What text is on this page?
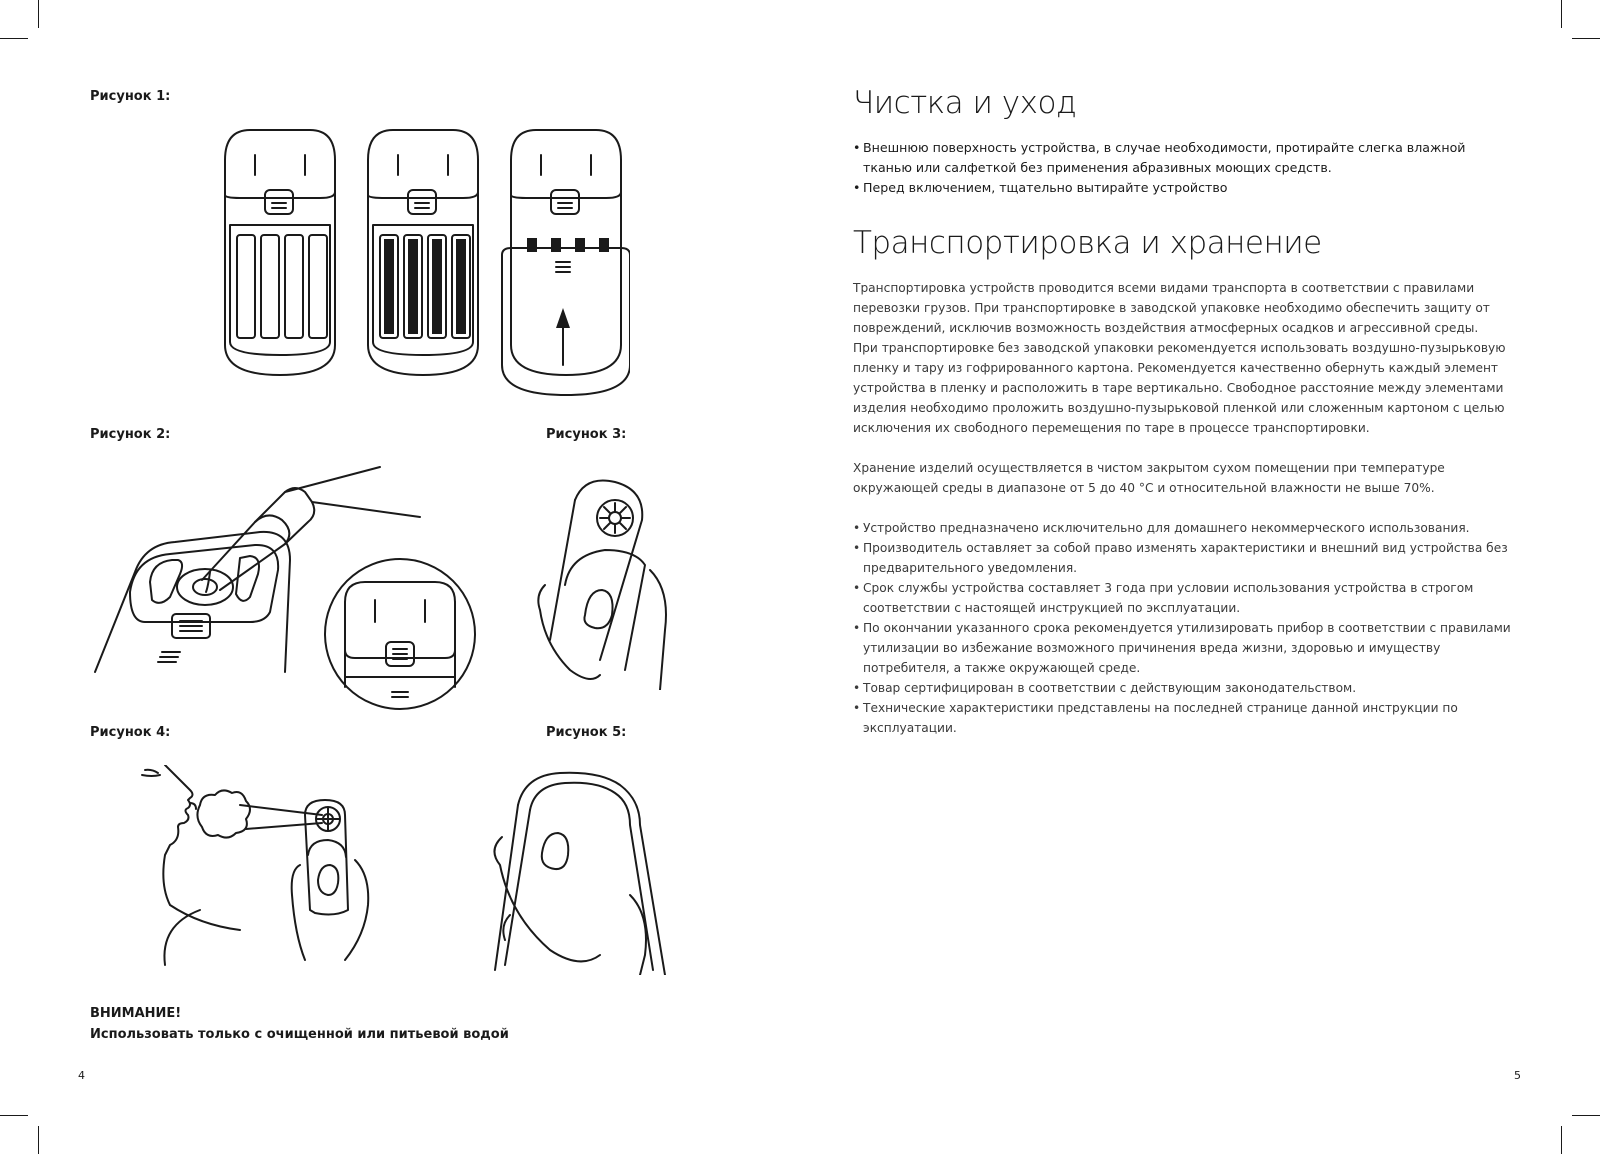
Рисунок 1:
Рисунок 2:	Рисунок 3:
Рисунок 4:	Рисунок 5:
ВНИМАНИЕ!
Использовать только с очищенной или питьевой водой
4
Чистка и уход
• Внешнюю поверхность устройства, в случае необходимости, протирайте слегка влажной тканью или салфеткой без применения абразивных моющих средств.
• Перед включением, тщательно вытирайте устройство
Транспортировка и хранение

Транспортировка устройств проводится всеми видами транспорта в соответствии с правилами перевозки грузов. При транспортировке в заводской упаковке необходимо обеспечить защиту от повреждений, исключив возможность воздействия атмосферных осадков и агрессивной среды.

При транспортировке без заводской упаковки рекомендуется использовать воздушно-пузырьковую пленку и тару из гофрированного картона. Рекомендуется качественно обернуть каждый элемент устройства в пленку и расположить в таре вертикально. Свободное расстояние между элементами изделия необходимо проложить воздушно-пузырьковой пленкой или сложенным картоном с целью исключения их свободного перемещения по таре в процессе транспортировки.

Хранение изделий осуществляется в чистом закрытом сухом помещении при температуре окружающей среды в диапазоне от 5 до 40 °С и относительной влажности не выше 70%.

• Устройство предназначено исключительно для домашнего некоммерческого использования.
• Производитель оставляет за собой право изменять характеристики и внешний вид устройства без предварительного уведомления.
• Срок службы устройства составляет 3 года при условии использования устройства в строгом соответствии с настоящей инструкцией по эксплуатации.
• По окончании указанного срока рекомендуется утилизировать прибор в соответствии с правилами утилизации во избежание возможного причинения вреда жизни, здоровью и имуществу потребителя, а также окружающей среде.
• Товар сертифицирован в соответствии с действующим законодательством.
• Технические характеристики представлены на последней странице данной инструкции по эксплуатации.
5
